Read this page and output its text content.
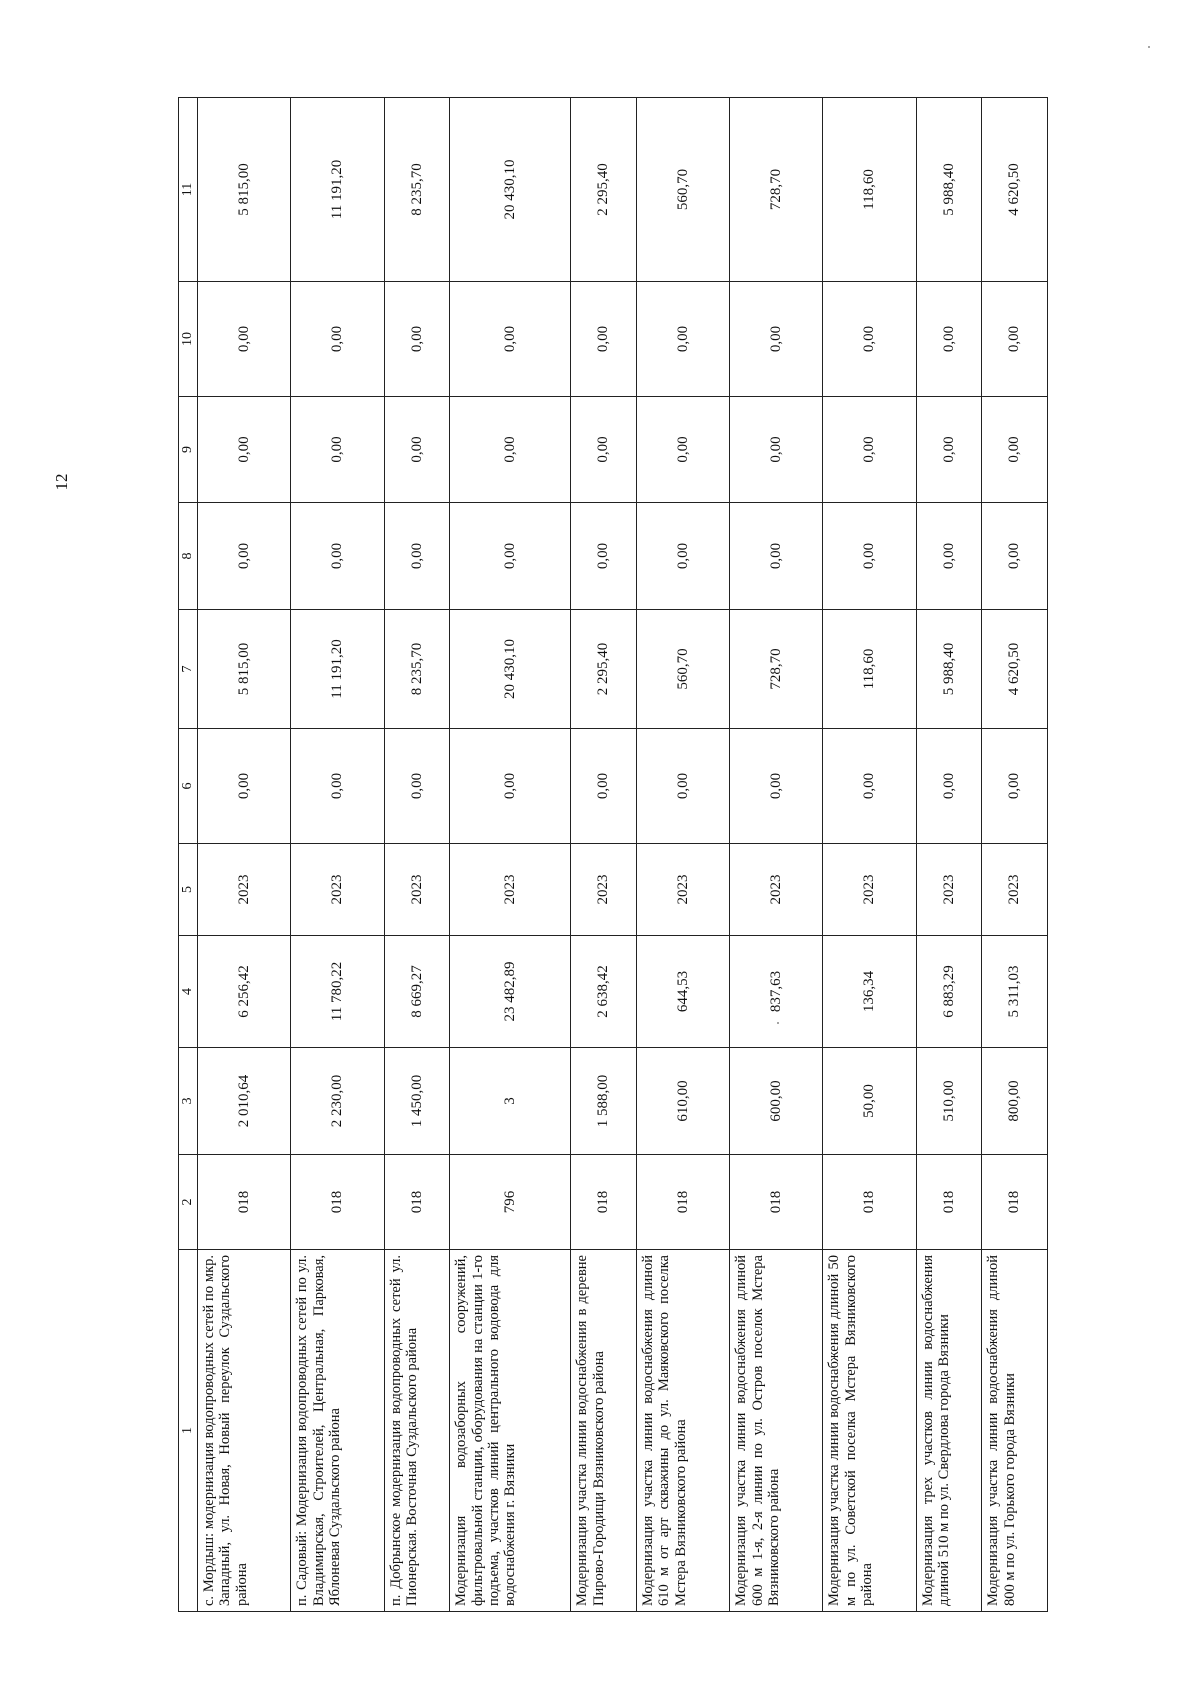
12
1	2	3	4	5	6	7	8	9	10	11
с. Мордыш: модернизация водопроводных сетей по мкр. Западный, ул. Новая, Новый переулок Суздальского района	018	2 010,64	6 256,42	2023	0,00	5 815,00	0,00	0,00	0,00	5 815,00
п. Садовый: Модернизация водопроводных сетей по ул. Владимирская, Строителей, Центральная, Парковая, Яблоневая Суздальского района	018	2 230,00	11 780,22	2023	0,00	11 191,20	0,00	0,00	0,00	11 191,20
п. Добрынское модернизация водопроводных сетей ул. Пионерская. Восточная Суздальского района	018	1 450,00	8 669,27	2023	0,00	8 235,70	0,00	0,00	0,00	8 235,70
Модернизация водозаборных сооружений, фильтровальной станции, оборудования на станции 1-го подъема, участков линий центрального водовода для водоснабжения г. Вязники	796	3	23 482,89	2023	0,00	20 430,10	0,00	0,00	0,00	20 430,10
Модернизация участка линии водоснабжения в деревне Пирово-Городищи Вязниковского района	018	1 588,00	2 638,42	2023	0,00	2 295,40	0,00	0,00	0,00	2 295,40
Модернизация участка линии водоснабжения длиной 610 м от арт скважины до ул. Маяковского поселка Мстера Вязниковского района	018	610,00	644,53	2023	0,00	560,70	0,00	0,00	0,00	560,70
Модернизация участка линии водоснабжения длиной 600 м 1-я, 2-я линии по ул. Остров поселок Мстера Вязниковского района	018	600,00	837,63	2023	0,00	728,70	0,00	0,00	0,00	728,70
Модернизация участка линии водоснабжения длиной 50 м по ул. Советской поселка Мстера Вязниковского района	018	50,00	136,34	2023	0,00	118,60	0,00	0,00	0,00	118,60
Модернизация трех участков линии водоснабжения длиной 510 м по ул. Свердлова города Вязники	018	510,00	6 883,29	2023	0,00	5 988,40	0,00	0,00	0,00	5 988,40
Модернизация участка линии водоснабжения длиной 800 м по ул. Горького города Вязники	018	800,00	5 311,03	2023	0,00	4 620,50	0,00	0,00	0,00	4 620,50
